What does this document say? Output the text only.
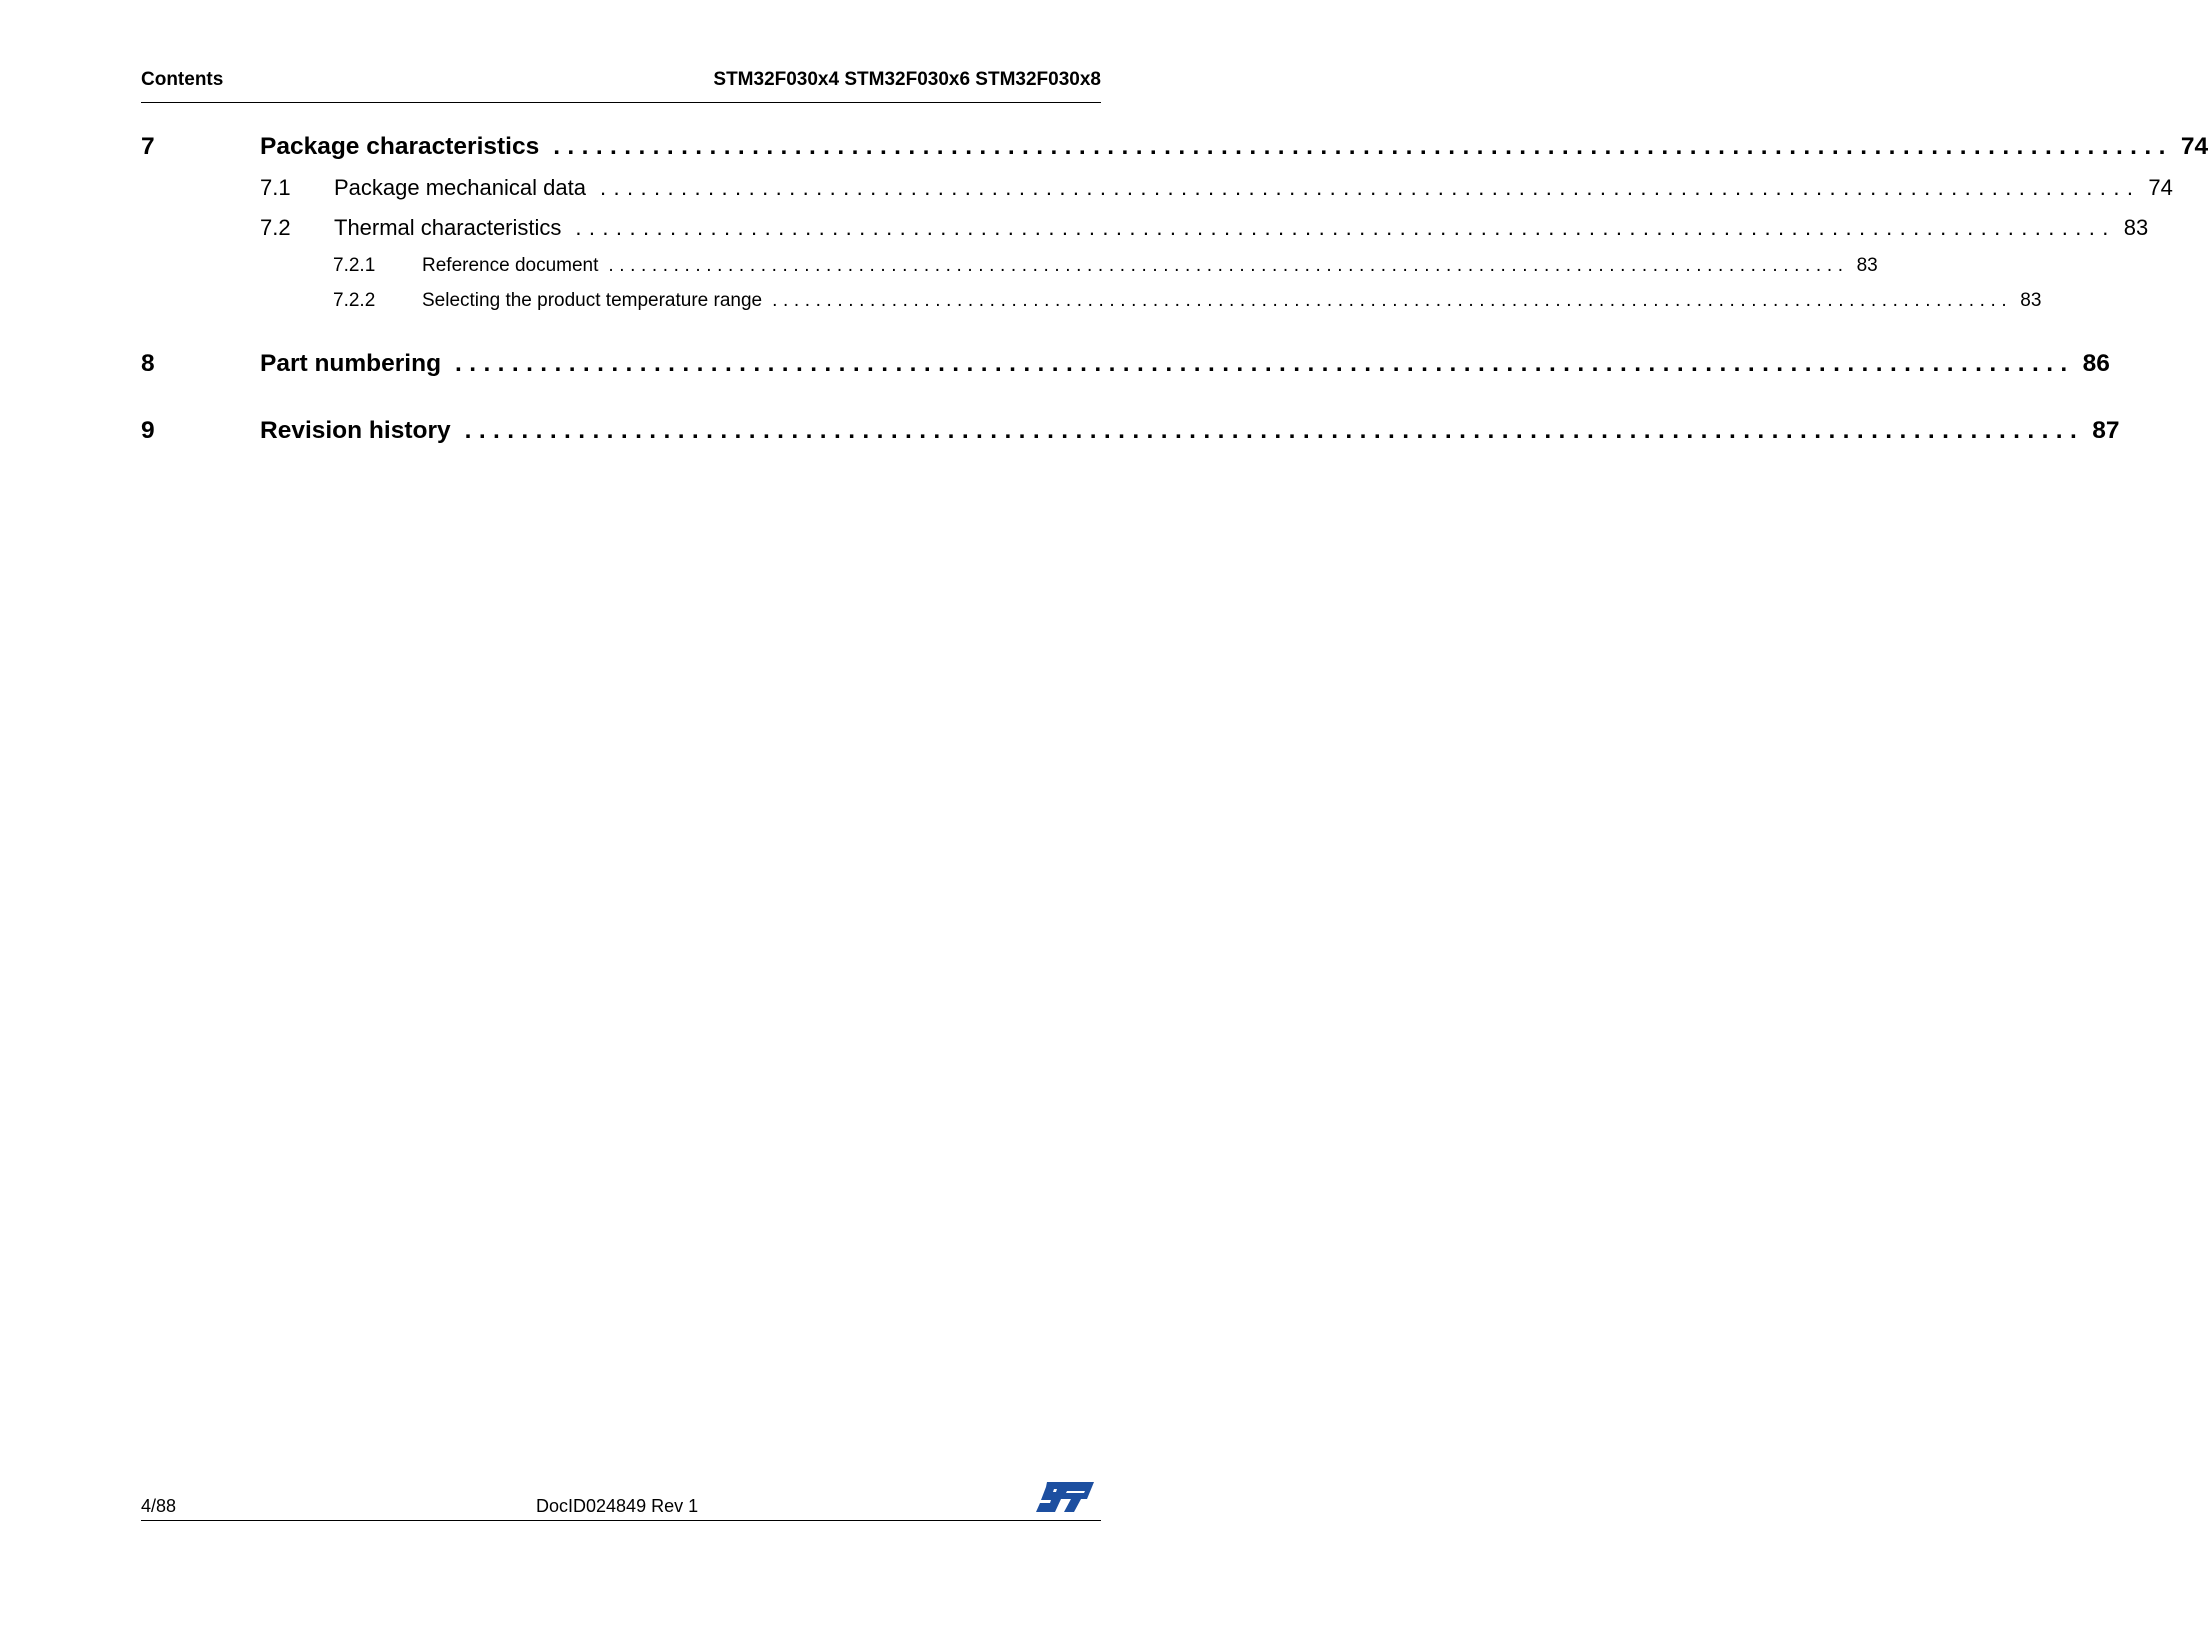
Contents	STM32F030x4 STM32F030x6 STM32F030x8
7	Package characteristics .................................................................................................................. 74
7.1 Package mechanical data .................................................................................................................. 74
7.2 Thermal characteristics .................................................................................................................. 83
7.2.1 Reference document .................................................................................................................. 83
7.2.2 Selecting the product temperature range .................................................................................................................. 83
8	Part numbering .................................................................................................................. 86
9	Revision history .................................................................................................................. 87
4/88	DocID024849 Rev 1
